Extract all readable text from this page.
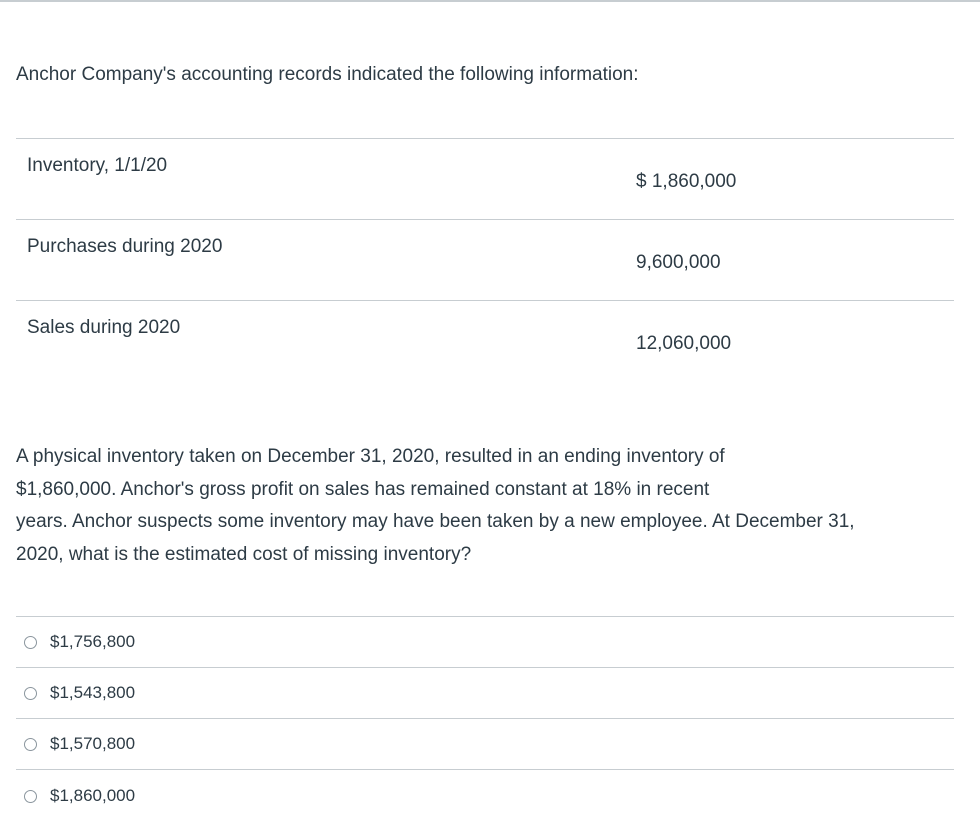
Anchor Company's accounting records indicated the following information:

Inventory, 1/1/20
$ 1,860,000
Purchases during 2020
9,600,000
Sales during 2020
12,060,000

A physical inventory taken on December 31, 2020, resulted in an ending inventory of
$1,860,000. Anchor's gross profit on sales has remained constant at 18% in recent
years. Anchor suspects some inventory may have been taken by a new employee. At December 31,
2020, what is the estimated cost of missing inventory?

$1,756,800
$1,543,800
$1,570,800
$1,860,000
